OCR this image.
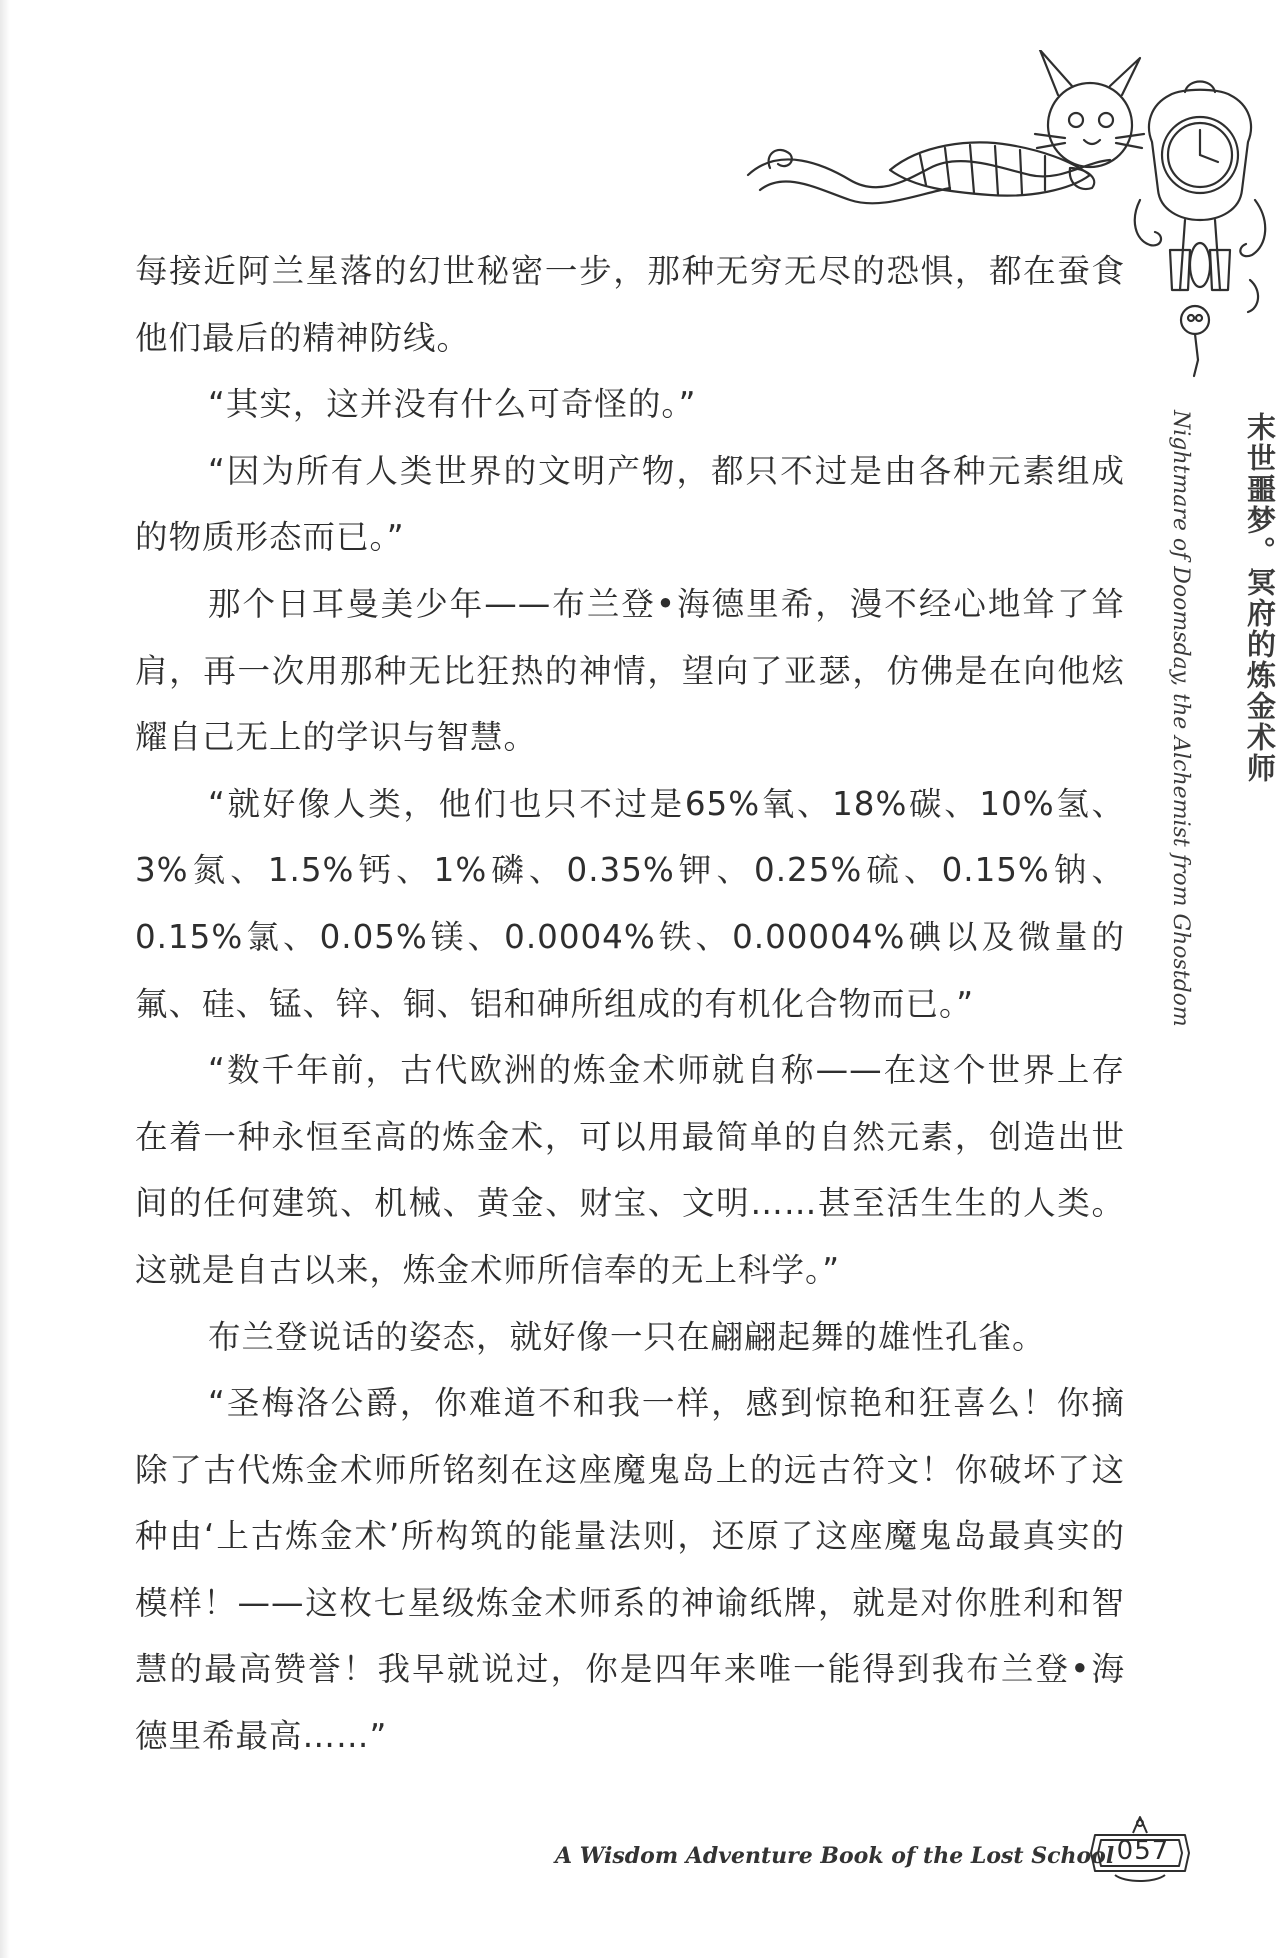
末世噩梦。冥府的炼金术师
Nightmare of Doomsday, the Alchemist from Ghostdom

每接近阿兰星落的幻世秘密一步，那种无穷无尽的恐惧，都在蚕食他们最后的精神防线。

“其实，这并没有什么可奇怪的。”

“因为所有人类世界的文明产物，都只不过是由各种元素组成的物质形态而已。”

那个日耳曼美少年——布兰登•海德里希，漫不经心地耸了耸肩，再一次用那种无比狂热的神情，望向了亚瑟，仿佛是在向他炫耀自己无上的学识与智慧。

“就好像人类，他们也只不过是65%氧、18%碳、10%氢、3%氮、1.5%钙、1%磷、0.35%钾、0.25%硫、0.15%钠、0.15%氯、0.05%镁、0.0004%铁、0.00004%碘以及微量的氟、硅、锰、锌、铜、铝和砷所组成的有机化合物而已。”

“数千年前，古代欧洲的炼金术师就自称——在这个世界上存在着一种永恒至高的炼金术，可以用最简单的自然元素，创造出世间的任何建筑、机械、黄金、财宝、文明……甚至活生生的人类。这就是自古以来，炼金术师所信奉的无上科学。”

布兰登说话的姿态，就好像一只在翩翩起舞的雄性孔雀。

“圣梅洛公爵，你难道不和我一样，感到惊艳和狂喜么！你摘除了古代炼金术师所铭刻在这座魔鬼岛上的远古符文！你破坏了这种由‘上古炼金术’所构筑的能量法则，还原了这座魔鬼岛最真实的模样！——这枚七星级炼金术师系的神谕纸牌，就是对你胜利和智慧的最高赞誉！我早就说过，你是四年来唯一能得到我布兰登•海德里希最高……”

A Wisdom Adventure Book of the Lost School 057
